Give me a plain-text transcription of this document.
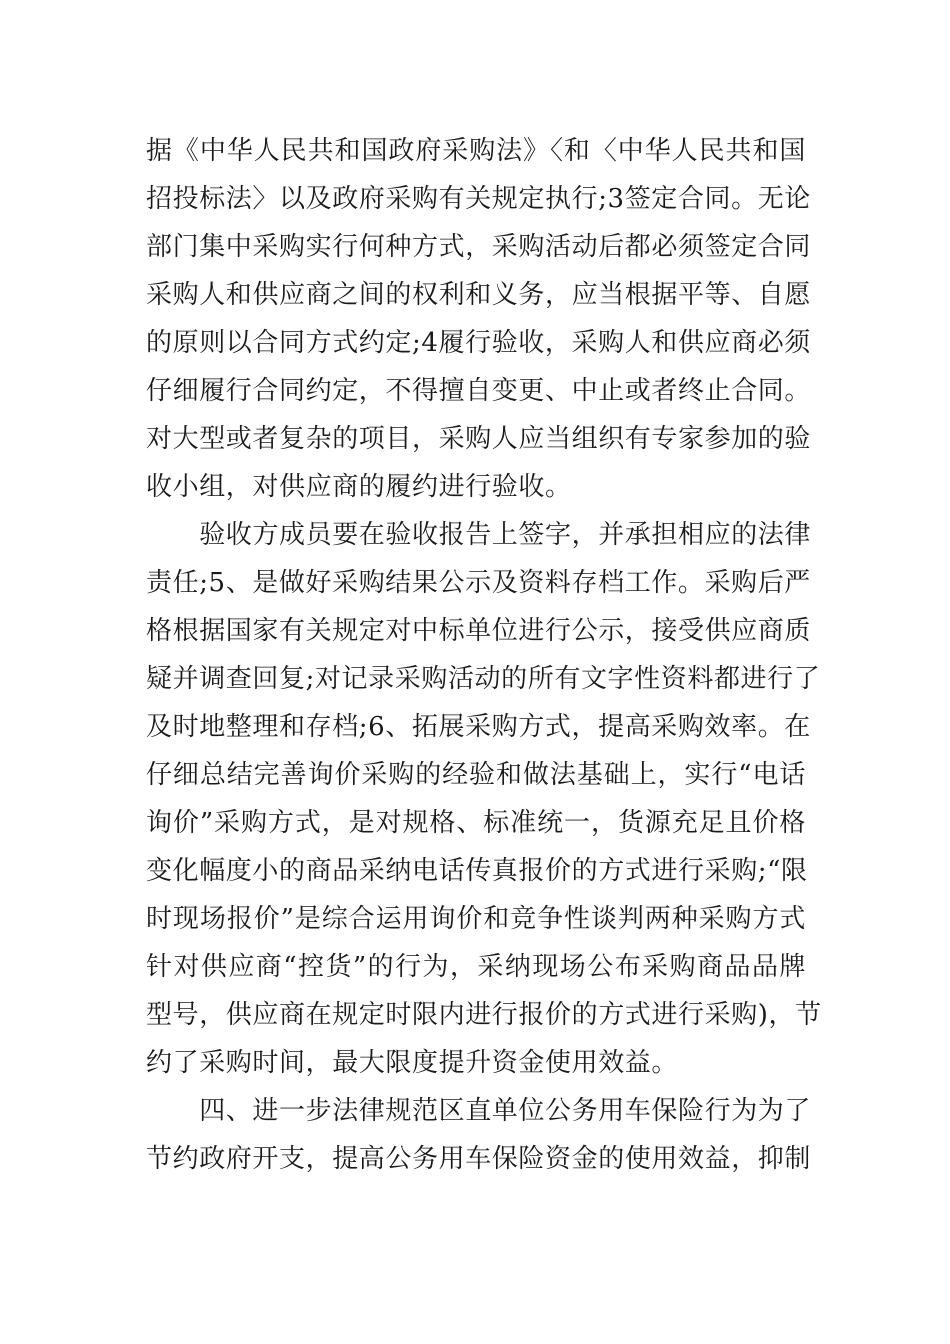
据《中华人民共和国政府采购法》〈和〈中华人民共和国
招投标法〉以及政府采购有关规定执行;3签定合同。无论
部门集中采购实行何种方式，采购活动后都必须签定合同
采购人和供应商之间的权利和义务，应当根据平等、自愿
的原则以合同方式约定;4履行验收，采购人和供应商必须
仔细履行合同约定，不得擅自变更、中止或者终止合同。
对大型或者复杂的项目，采购人应当组织有专家参加的验
收小组，对供应商的履约进行验收。
　　验收方成员要在验收报告上签字，并承担相应的法律
责任;5、是做好采购结果公示及资料存档工作。采购后严
格根据国家有关规定对中标单位进行公示，接受供应商质
疑并调查回复;对记录采购活动的所有文字性资料都进行了
及时地整理和存档;6、拓展采购方式，提高采购效率。在
仔细总结完善询价采购的经验和做法基础上，实行“电话
询价”采购方式，是对规格、标准统一，货源充足且价格
变化幅度小的商品采纳电话传真报价的方式进行采购;“限
时现场报价”是综合运用询价和竞争性谈判两种采购方式
针对供应商“控货”的行为，采纳现场公布采购商品品牌
型号，供应商在规定时限内进行报价的方式进行采购)，节
约了采购时间，最大限度提升资金使用效益。
　　四、进一步法律规范区直单位公务用车保险行为为了
节约政府开支，提高公务用车保险资金的使用效益，抑制
